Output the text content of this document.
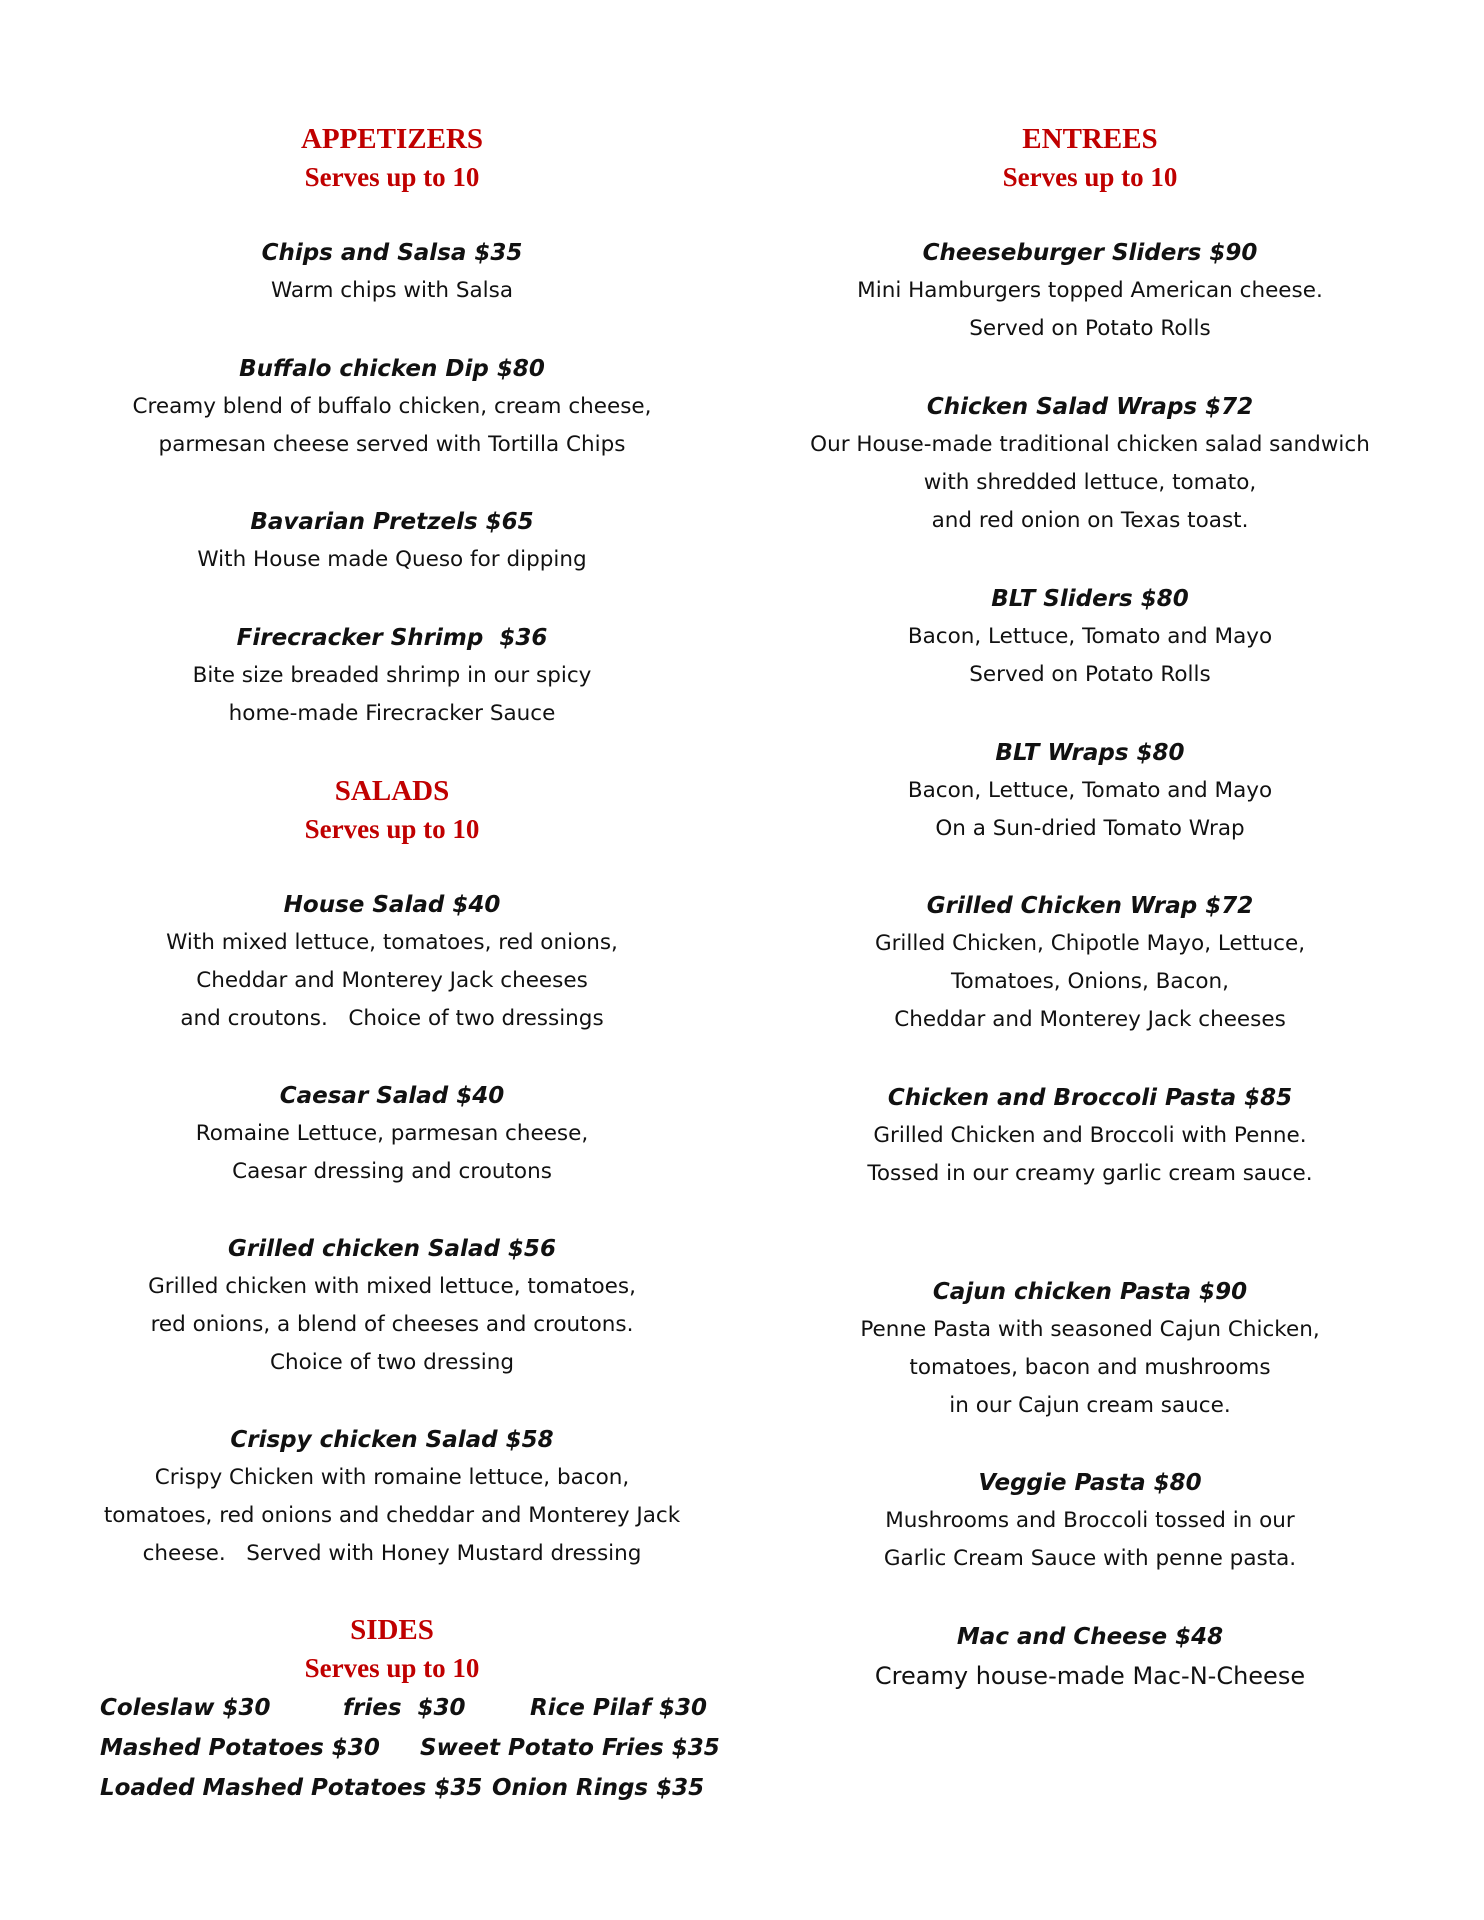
APPETIZERS
Serves up to 10
Chips and Salsa $35
Warm chips with Salsa
Buffalo chicken Dip $80
Creamy blend of buffalo chicken, cream cheese,
parmesan cheese served with Tortilla Chips
Bavarian Pretzels $65
With House made Queso for dipping
Firecracker Shrimp  $36
Bite size breaded shrimp in our spicy
home-made Firecracker Sauce
SALADS
Serves up to 10
House Salad $40
With mixed lettuce, tomatoes, red onions,
Cheddar and Monterey Jack cheeses
and croutons.   Choice of two dressings
Caesar Salad $40
Romaine Lettuce, parmesan cheese,
Caesar dressing and croutons
Grilled chicken Salad $56
Grilled chicken with mixed lettuce, tomatoes,
red onions, a blend of cheeses and croutons.
Choice of two dressing
Crispy chicken Salad $58
Crispy Chicken with romaine lettuce, bacon,
tomatoes, red onions and cheddar and Monterey Jack
cheese.   Served with Honey Mustard dressing
SIDES
Serves up to 10
Coleslaw $30	fries  $30	Rice Pilaf $30
Mashed Potatoes $30 Sweet Potato Fries $35
Loaded Mashed Potatoes $35 Onion Rings $35
ENTREES
Serves up to 10
Cheeseburger Sliders $90
Mini Hamburgers topped American cheese.
Served on Potato Rolls
Chicken Salad Wraps $72
Our House-made traditional chicken salad sandwich
with shredded lettuce, tomato,
and red onion on Texas toast.
BLT Sliders $80
Bacon, Lettuce, Tomato and Mayo
Served on Potato Rolls
BLT Wraps $80
Bacon, Lettuce, Tomato and Mayo
On a Sun-dried Tomato Wrap
Grilled Chicken Wrap $72
Grilled Chicken, Chipotle Mayo, Lettuce,
Tomatoes, Onions, Bacon,
Cheddar and Monterey Jack cheeses
Chicken and Broccoli Pasta $85
Grilled Chicken and Broccoli with Penne.
Tossed in our creamy garlic cream sauce.
Cajun chicken Pasta $90
Penne Pasta with seasoned Cajun Chicken,
tomatoes, bacon and mushrooms
in our Cajun cream sauce.
Veggie Pasta $80
Mushrooms and Broccoli tossed in our
Garlic Cream Sauce with penne pasta.
Mac and Cheese $48
Creamy house-made Mac-N-Cheese
